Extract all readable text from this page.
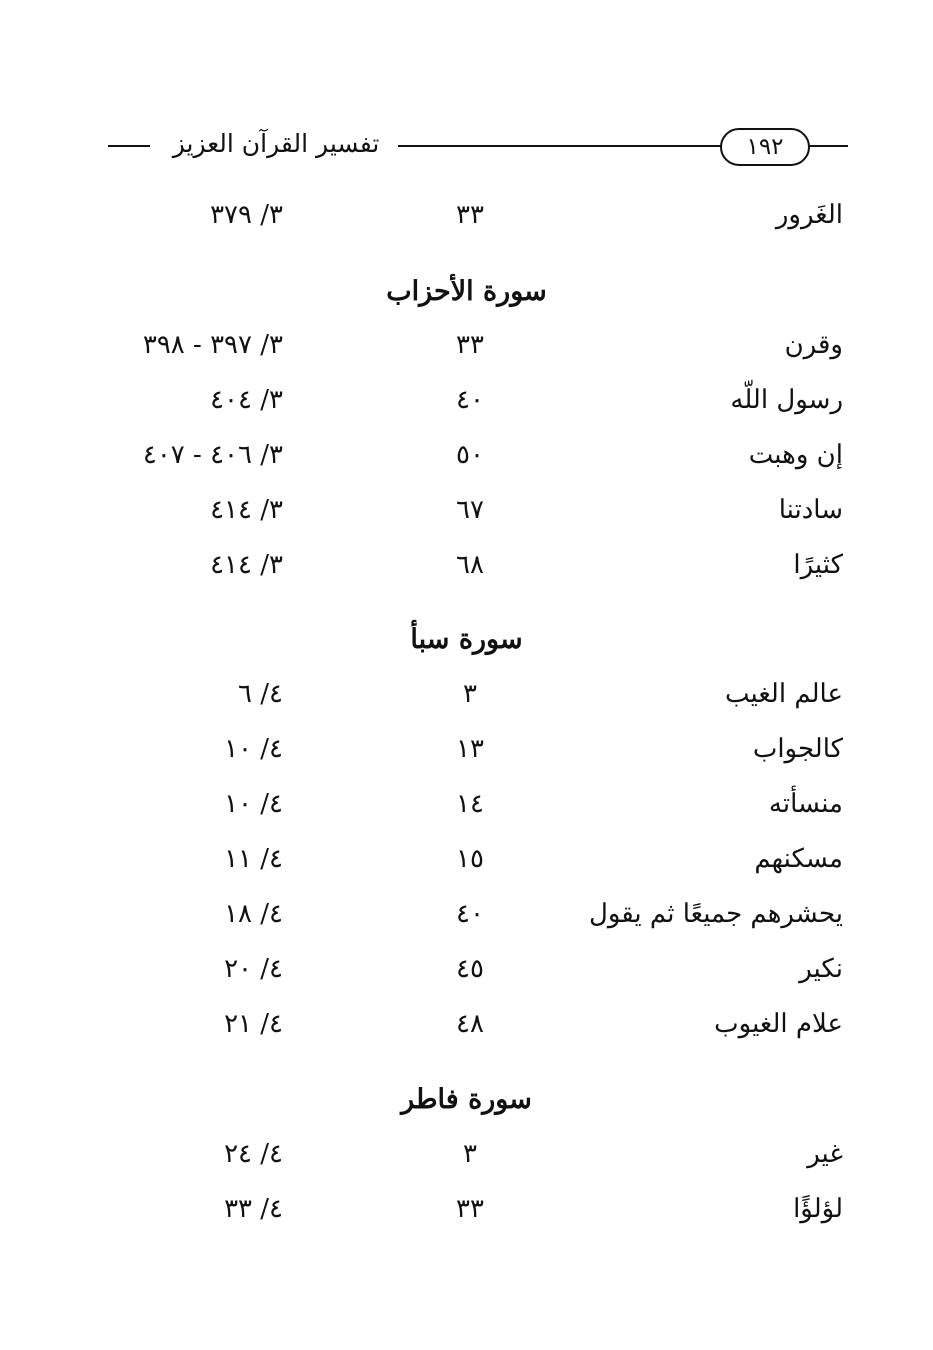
تفسير القرآن العزيز	١٩٢
الغَرور
٣٣
٣/ ٣٧٩
سورة الأحزاب
وقرن
٣٣
٣/ ٣٩٧ - ٣٩٨
رسول اللّه
٤٠
٣/ ٤٠٤
إن وهبت
٥٠
٣/ ٤٠٦ - ٤٠٧
سادتنا
٦٧
٣/ ٤١٤
كثيرًا
٦٨
٣/ ٤١٤
سورة سبأ
عالم الغيب
٣
٤/ ٦
كالجواب
١٣
٤/ ١٠
منسأته
١٤
٤/ ١٠
مسكنهم
١٥
٤/ ١١
يحشرهم جميعًا ثم يقول
٤٠
٤/ ١٨
نكير
٤٥
٤/ ٢٠
علام الغيوب
٤٨
٤/ ٢١
سورة فاطر
غير
٣
٤/ ٢٤
لؤلؤًا
٣٣
٤/ ٣٣
